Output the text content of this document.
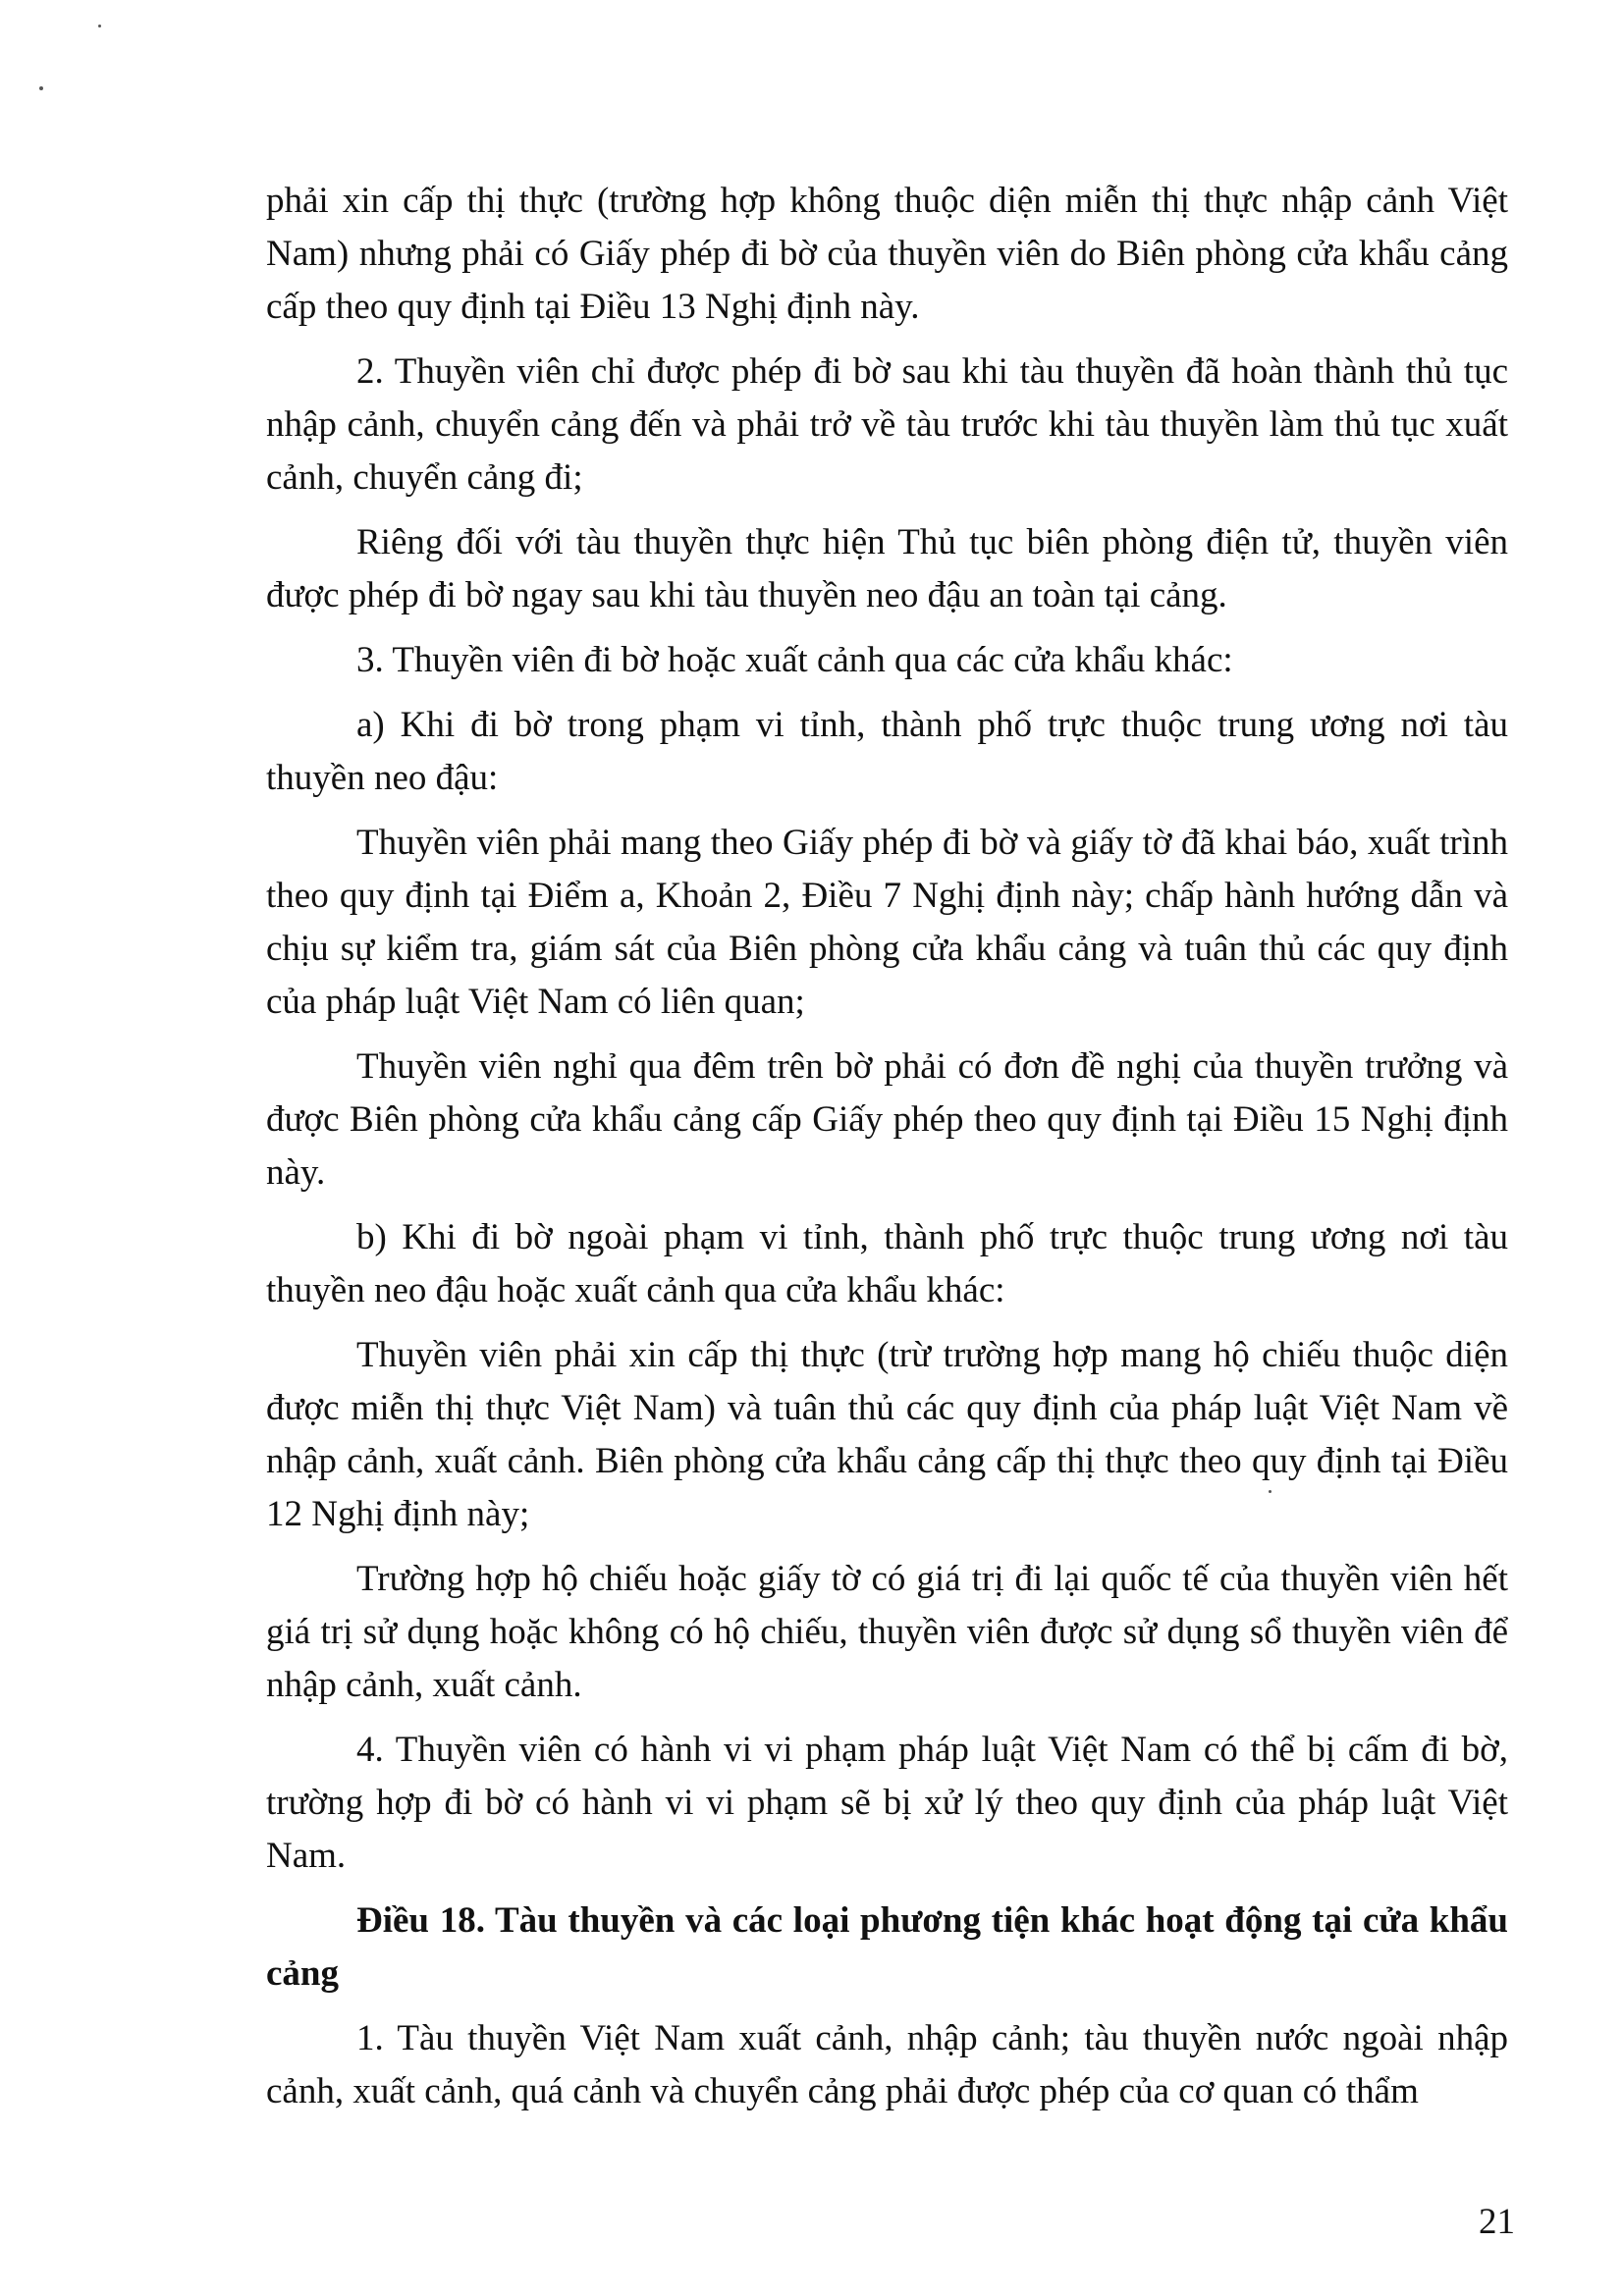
phải xin cấp thị thực (trường hợp không thuộc diện miễn thị thực nhập cảnh Việt Nam) nhưng phải có Giấy phép đi bờ của thuyền viên do Biên phòng cửa khẩu cảng cấp theo quy định tại Điều 13 Nghị định này.

2. Thuyền viên chỉ được phép đi bờ sau khi tàu thuyền đã hoàn thành thủ tục nhập cảnh, chuyển cảng đến và phải trở về tàu trước khi tàu thuyền làm thủ tục xuất cảnh, chuyển cảng đi;

Riêng đối với tàu thuyền thực hiện Thủ tục biên phòng điện tử, thuyền viên được phép đi bờ ngay sau khi tàu thuyền neo đậu an toàn tại cảng.

3. Thuyền viên đi bờ hoặc xuất cảnh qua các cửa khẩu khác:

a) Khi đi bờ trong phạm vi tỉnh, thành phố trực thuộc trung ương nơi tàu thuyền neo đậu:

Thuyền viên phải mang theo Giấy phép đi bờ và giấy tờ đã khai báo, xuất trình theo quy định tại Điểm a, Khoản 2, Điều 7 Nghị định này; chấp hành hướng dẫn và chịu sự kiểm tra, giám sát của Biên phòng cửa khẩu cảng và tuân thủ các quy định của pháp luật Việt Nam có liên quan;

Thuyền viên nghỉ qua đêm trên bờ phải có đơn đề nghị của thuyền trưởng và được Biên phòng cửa khẩu cảng cấp Giấy phép theo quy định tại Điều 15 Nghị định này.

b) Khi đi bờ ngoài phạm vi tỉnh, thành phố trực thuộc trung ương nơi tàu thuyền neo đậu hoặc xuất cảnh qua cửa khẩu khác:

Thuyền viên phải xin cấp thị thực (trừ trường hợp mang hộ chiếu thuộc diện được miễn thị thực Việt Nam) và tuân thủ các quy định của pháp luật Việt Nam về nhập cảnh, xuất cảnh. Biên phòng cửa khẩu cảng cấp thị thực theo quy định tại Điều 12 Nghị định này;

Trường hợp hộ chiếu hoặc giấy tờ có giá trị đi lại quốc tế của thuyền viên hết giá trị sử dụng hoặc không có hộ chiếu, thuyền viên được sử dụng sổ thuyền viên để nhập cảnh, xuất cảnh.

4. Thuyền viên có hành vi vi phạm pháp luật Việt Nam có thể bị cấm đi bờ, trường hợp đi bờ có hành vi vi phạm sẽ bị xử lý theo quy định của pháp luật Việt Nam.

Điều 18. Tàu thuyền và các loại phương tiện khác hoạt động tại cửa khẩu cảng

1. Tàu thuyền Việt Nam xuất cảnh, nhập cảnh; tàu thuyền nước ngoài nhập cảnh, xuất cảnh, quá cảnh và chuyển cảng phải được phép của cơ quan có thẩm

21
